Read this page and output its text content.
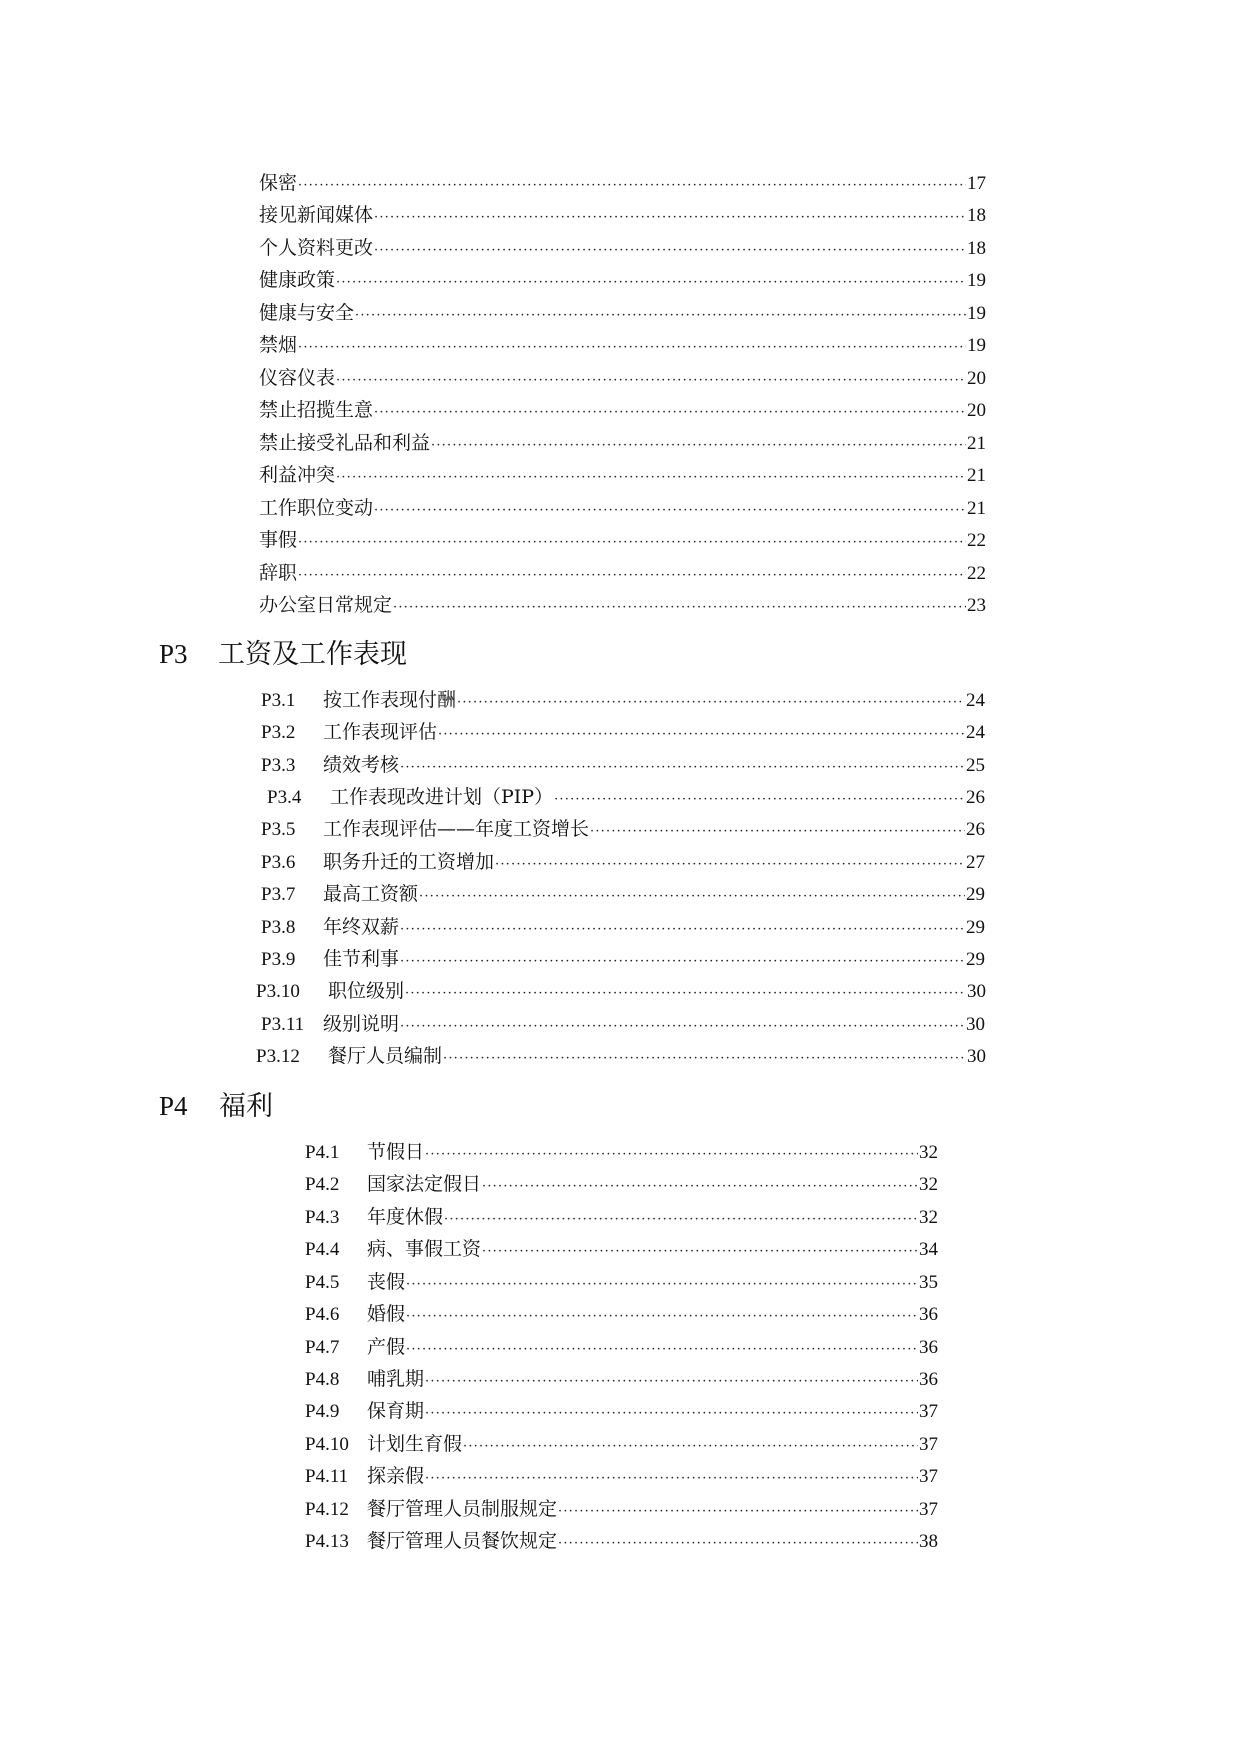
保密 ·····	17
接见新闻媒体 ·····	18
个人资料更改 ·····	18
健康政策 ·····	19
健康与安全 ·····	19
禁烟 ·····	19
仪容仪表 ·····	20
禁止招揽生意 ·····	20
禁止接受礼品和利益 ·····	21
利益冲突 ·····	21
工作职位变动 ·····	21
事假 ·····	22
辞职 ·····	22
办公室日常规定 ·····	23
P3	工资及工作表现
P3.1	按工作表现付酬 ·····	24
P3.2	工作表现评估 ·····	24
P3.3	绩效考核 ·····	25
P3.4	工作表现改进计划（PIP） ·····	26
P3.5	工作表现评估——年度工资增长 ·····	26
P3.6	职务升迁的工资增加 ·····	27
P3.7	最高工资额 ·····	29
P3.8	年终双薪 ·····	29
P3.9	佳节利事 ·····	29
P3.10	职位级别 ·····	30
P3.11 级别说明 ·····	30
P3.12	餐厅人员编制 ·····	30
P4	福利
P4.1	节假日 ·····	32
P4.2	国家法定假日 ·····	32
P4.3	年度休假 ·····	32
P4.4	病、事假工资 ·····	34
P4.5	丧假 ·····	35
P4.6	婚假 ·····	36
P4.7	产假 ·····	36
P4.8	哺乳期 ·····	36
P4.9	保育期 ·····	37
P4.10 计划生育假 ·····	37
P4.11 探亲假 ·····	37
P4.12 餐厅管理人员制服规定 ·····	37
P4.13 餐厅管理人员餐饮规定 ·····	38
